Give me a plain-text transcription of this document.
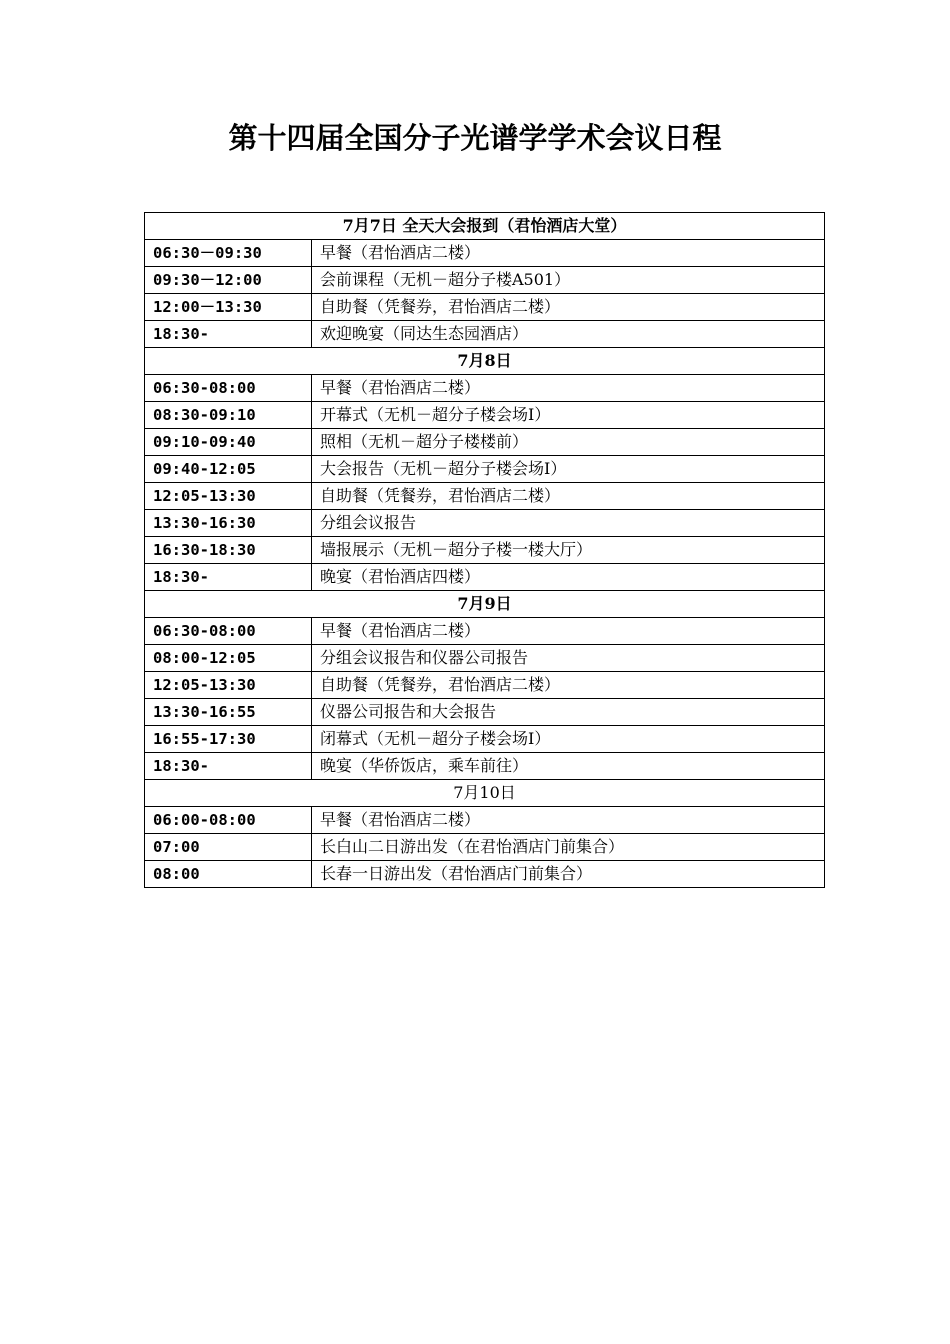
第十四届全国分子光谱学学术会议日程
7月7日 全天大会报到（君怡酒店大堂）	
06:30－09:30	早餐（君怡酒店二楼）
09:30－12:00	会前课程（无机－超分子楼A501）
12:00－13:30	自助餐（凭餐券，君怡酒店二楼）
18:30-	欢迎晚宴（同达生态园酒店）
7月8日	
06:30-08:00	早餐（君怡酒店二楼）
08:30-09:10	开幕式（无机－超分子楼会场I）
09:10-09:40	照相（无机－超分子楼楼前）
09:40-12:05	大会报告（无机－超分子楼会场I）
12:05-13:30	自助餐（凭餐券，君怡酒店二楼）
13:30-16:30	分组会议报告
16:30-18:30	墙报展示（无机－超分子楼一楼大厅）
18:30-	晚宴（君怡酒店四楼）
7月9日	
06:30-08:00	早餐（君怡酒店二楼）
08:00-12:05	分组会议报告和仪器公司报告
12:05-13:30	自助餐（凭餐券，君怡酒店二楼）
13:30-16:55	仪器公司报告和大会报告
16:55-17:30	闭幕式（无机－超分子楼会场I）
18:30-	晚宴（华侨饭店，乘车前往）
7月10日	
06:00-08:00	早餐（君怡酒店二楼）
07:00	长白山二日游出发（在君怡酒店门前集合）
08:00	长春一日游出发（君怡酒店门前集合）
